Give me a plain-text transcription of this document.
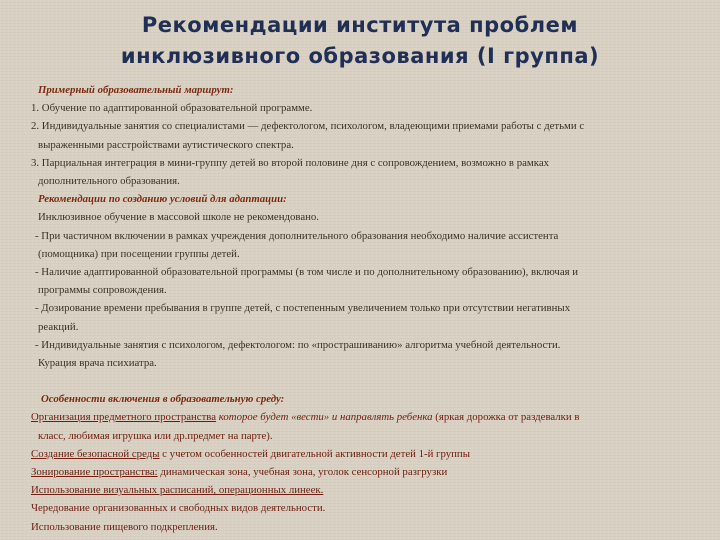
Рекомендации института проблем
инклюзивного образования (I группа)
Примерный образовательный маршрут:
1. Обучение по адаптированной образовательной программе.
2. Индивидуальные занятия со специалистами — дефектологом, психологом, владеющими приемами работы с детьми с
выраженными расстройствами аутистического спектра.
3. Парциальная интеграция в мини-группу детей во второй половине дня с сопровождением, возможно в рамках
дополнительного образования.
Рекомендации по созданию условий для адаптации:
Инклюзивное обучение в массовой школе не рекомендовано.
- При частичном включении в рамках учреждения дополнительного образования необходимо наличие ассистента
(помощника) при посещении группы детей.
- Наличие адаптированной образовательной программы (в том числе и по дополнительному образованию), включая и
программы сопровождения.
- Дозирование времени пребывания в группе детей, с постепенным увеличением только при отсутствии негативных
реакций.
- Индивидуальные занятия с психологом, дефектологом: по «прострашиванию» алгоритма учебной деятельности.
Курация врача психиатра.
Особенности включения в образовательную среду:
Организация предметного пространства которое будет «вести» и направлять ребенка (яркая дорожка от раздевалки в
класс, любимая игрушка или др.предмет на парте).
Создание безопасной среды с учетом особенностей двигательной активности детей 1-й группы
Зонирование пространства: динамическая зона, учебная зона, уголок сенсорной разгрузки
Использование визуальных расписаний, операционных линеек.
Чередование организованных и свободных видов деятельности.
Использование пищевого подкрепления.
